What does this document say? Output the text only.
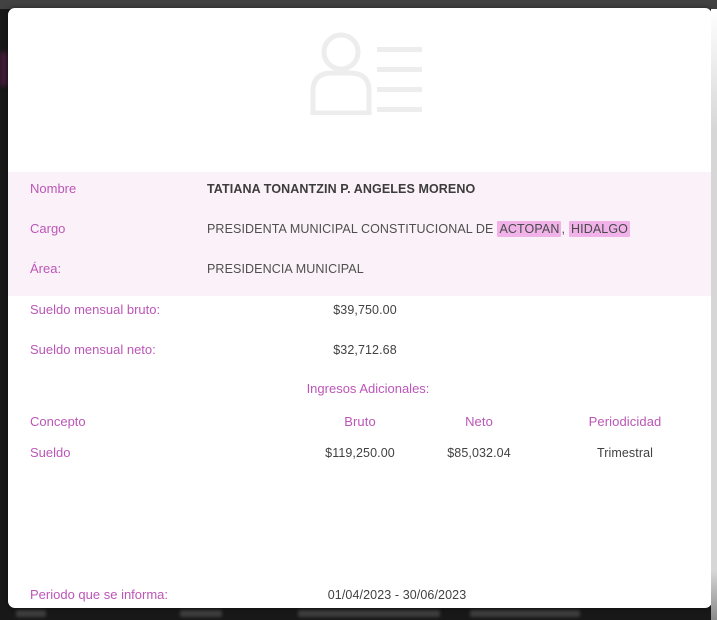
Nombre	TATIANA TONANTZIN P. ANGELES MORENO
Cargo	PRESIDENTA MUNICIPAL CONSTITUCIONAL DE ACTOPAN , HIDALGO
Área:	PRESIDENCIA MUNICIPAL
Sueldo mensual bruto:	$39,750.00
Sueldo mensual neto:	$32,712.68
Ingresos Adicionales:
Concepto	Bruto	Neto	Periodicidad
Sueldo	$119,250.00	$85,032.04	Trimestral
Periodo que se informa:	01/04/2023 - 30/06/2023
